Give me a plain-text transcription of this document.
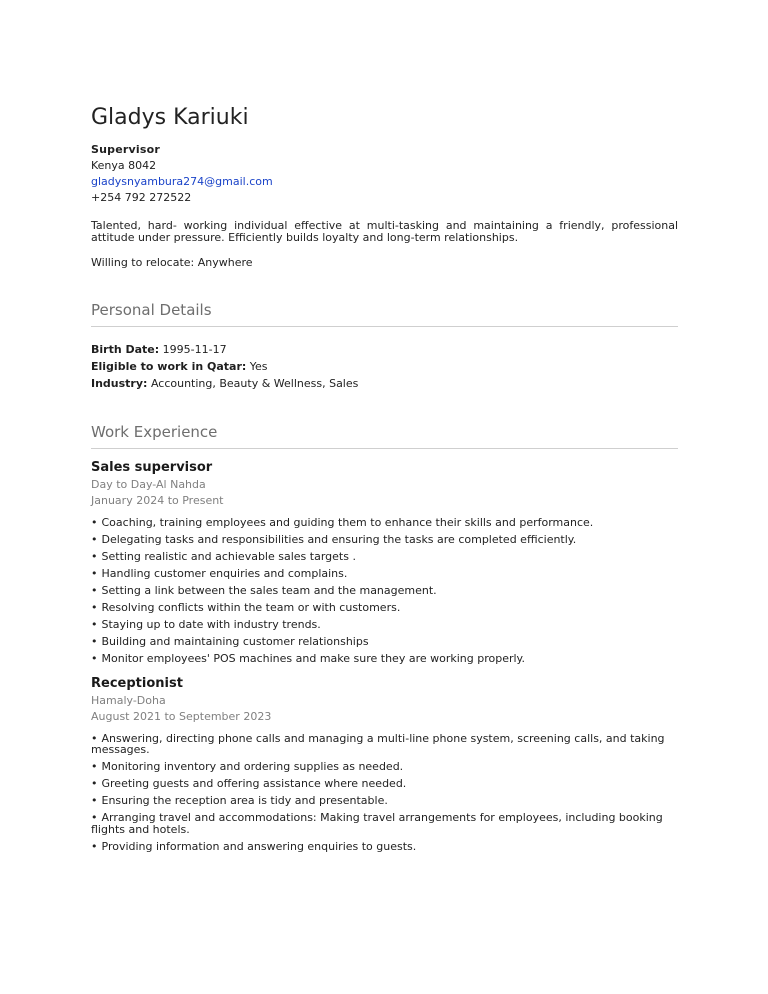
Gladys Kariuki
Supervisor
Kenya 8042
gladysnyambura274@gmail.com
+254 792 272522
Talented, hard- working individual effective at multi-tasking and maintaining a friendly, professional attitude under pressure. Efficiently builds loyalty and long-term relationships.
Willing to relocate: Anywhere
Personal Details
Birth Date: 1995-11-17
Eligible to work in Qatar: Yes
Industry: Accounting, Beauty & Wellness, Sales
Work Experience
Sales supervisor
Day to Day-Al Nahda
January 2024 to Present
• Coaching, training employees and guiding them to enhance their skills and performance.
• Delegating tasks and responsibilities and ensuring the tasks are completed efficiently.
• Setting realistic and achievable sales targets .
• Handling customer enquiries and complains.
• Setting a link between the sales team and the management.
• Resolving conflicts within the team or with customers.
• Staying up to date with industry trends.
• Building and maintaining customer relationships
• Monitor employees' POS machines and make sure they are working properly.
Receptionist
Hamaly-Doha
August 2021 to September 2023
• Answering, directing phone calls and managing a multi-line phone system, screening calls, and taking messages.
• Monitoring inventory and ordering supplies as needed.
• Greeting guests and offering assistance where needed.
• Ensuring the reception area is tidy and presentable.
• Arranging travel and accommodations: Making travel arrangements for employees, including booking flights and hotels.
• Providing information and answering enquiries to guests.
